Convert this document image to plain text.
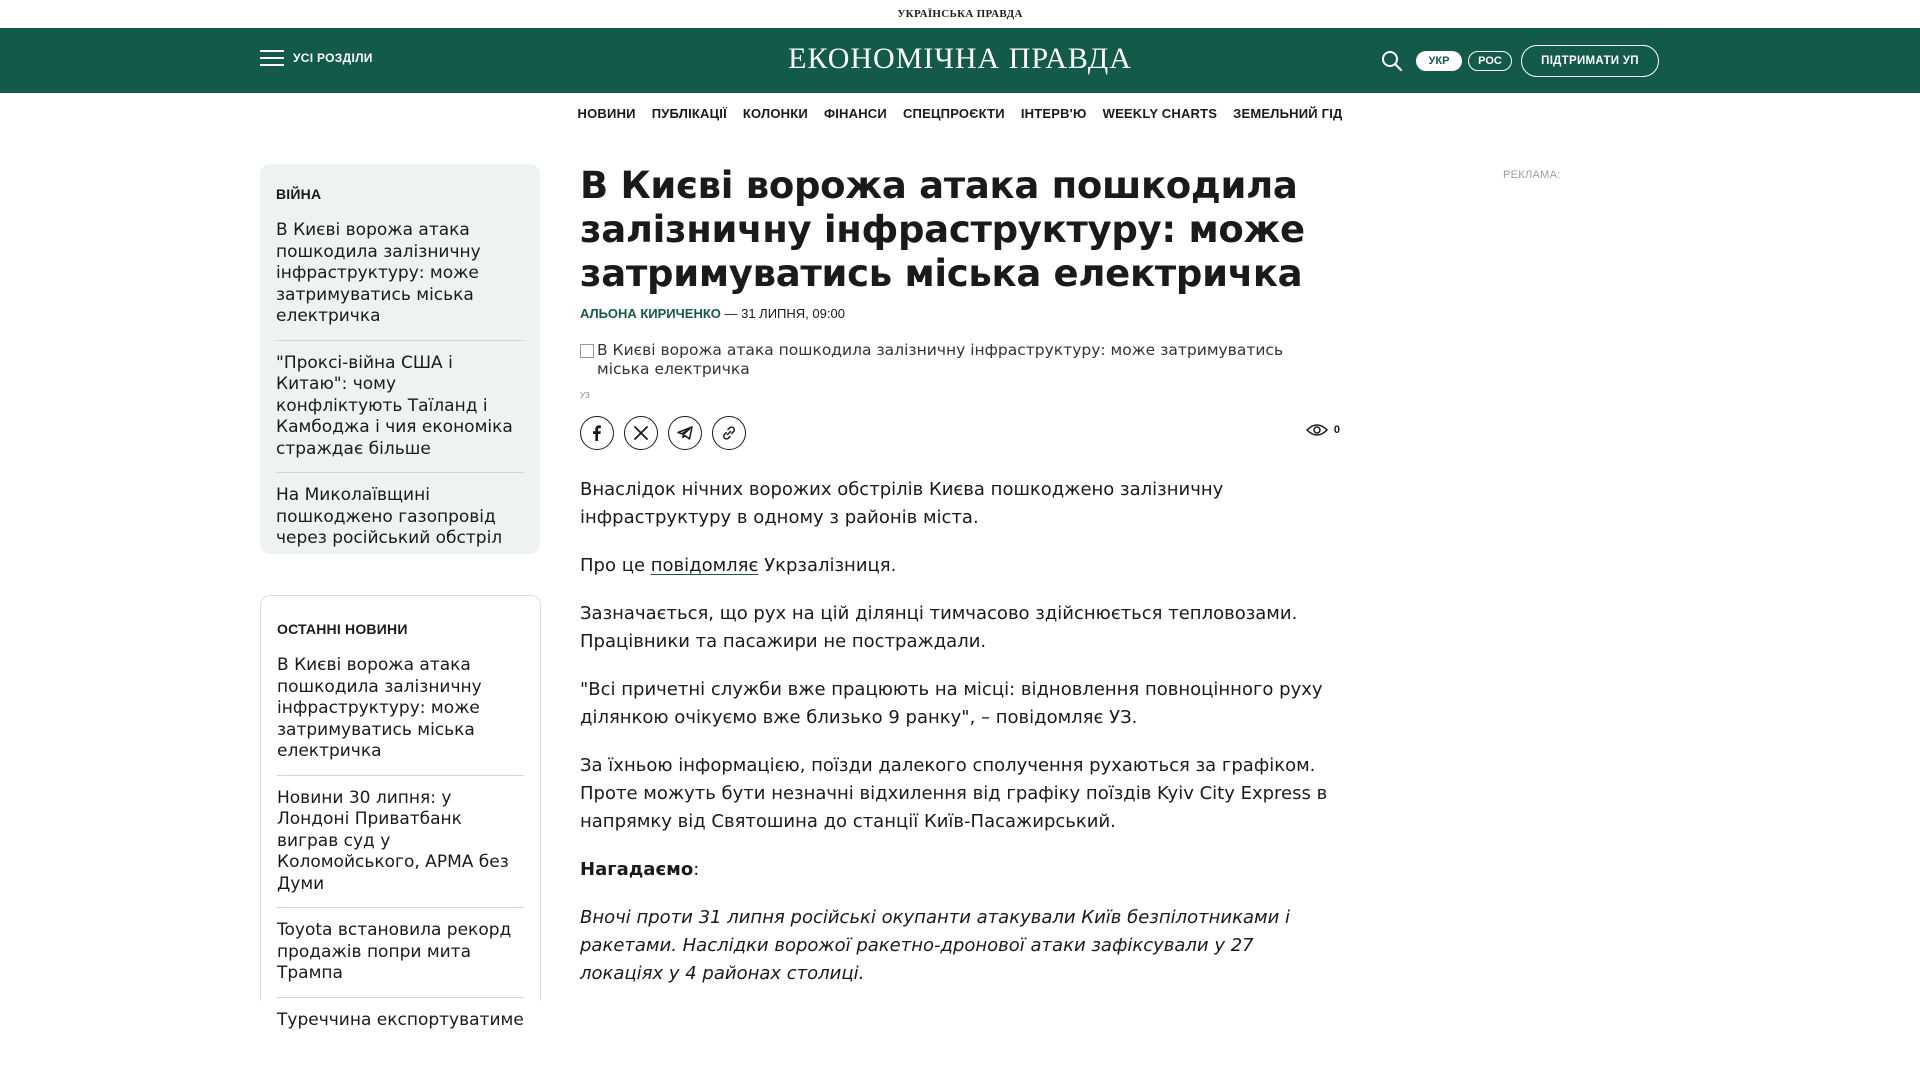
УКРАЇНСЬКА ПРАВДА
УСІ РОЗДІЛИ	ЕКОНОМІЧНА ПРАВДА	УКР	РОС	ПІДТРИМАТИ УП
НОВИНИ ПУБЛІКАЦІЇ КОЛОНКИ ФІНАНСИ СПЕЦПРОЄКТИ ІНТЕРВ'Ю WEEKLY CHARTS ЗЕМЕЛЬНИЙ ГІД
ВІЙНА
В Києві ворожа атака пошкодила залізничну інфраструктуру: може затримуватись міська електричка
"Проксі-війна США і Китаю": чому конфліктують Таїланд і Камбоджа і чия економіка страждає більше
На Миколаївщині пошкоджено газопровід через російський обстріл
ОСТАННІ НОВИНИ
В Києві ворожа атака пошкодила залізничну інфраструктуру: може затримуватись міська електричка
Новини 30 липня: у Лондоні Приватбанк виграв суд у Коломойського, АРМА без Думи
Toyota встановила рекорд продажів попри мита Трампа
Туреччина експортуватиме
В Києві ворожа атака пошкодила залізничну інфраструктуру: може затримуватись міська електричка
АЛЬОНА КИРИЧЕНКО — 31 ЛИПНЯ, 09:00
В Києві ворожа атака пошкодила залізничну інфраструктуру: може затримуватись міська електричка
УЗ
0

Внаслідок нічних ворожих обстрілів Києва пошкоджено залізничну інфраструктуру в одному з районів міста.

Про це повідомляє Укрзалізниця.

Зазначається, що рух на цій ділянці тимчасово здійснюється тепловозами. Працівники та пасажири не постраждали.

"Всі причетні служби вже працюють на місці: відновлення повноцінного руху ділянкою очікуємо вже близько 9 ранку", – повідомляє УЗ.

За їхньою інформацією, поїзди далекого сполучення рухаються за графіком. Проте можуть бути незначні відхилення від графіку поїздів Kyiv City Express в напрямку від Святошина до станції Київ-Пасажирський.

Нагадаємо:

Вночі проти 31 липня російські окупанти атакували Київ безпілотниками і ракетами. Наслідки ворожої ракетно-дронової атаки зафіксували у 27 локаціях у 4 районах столиці.

РЕКЛАМА:
